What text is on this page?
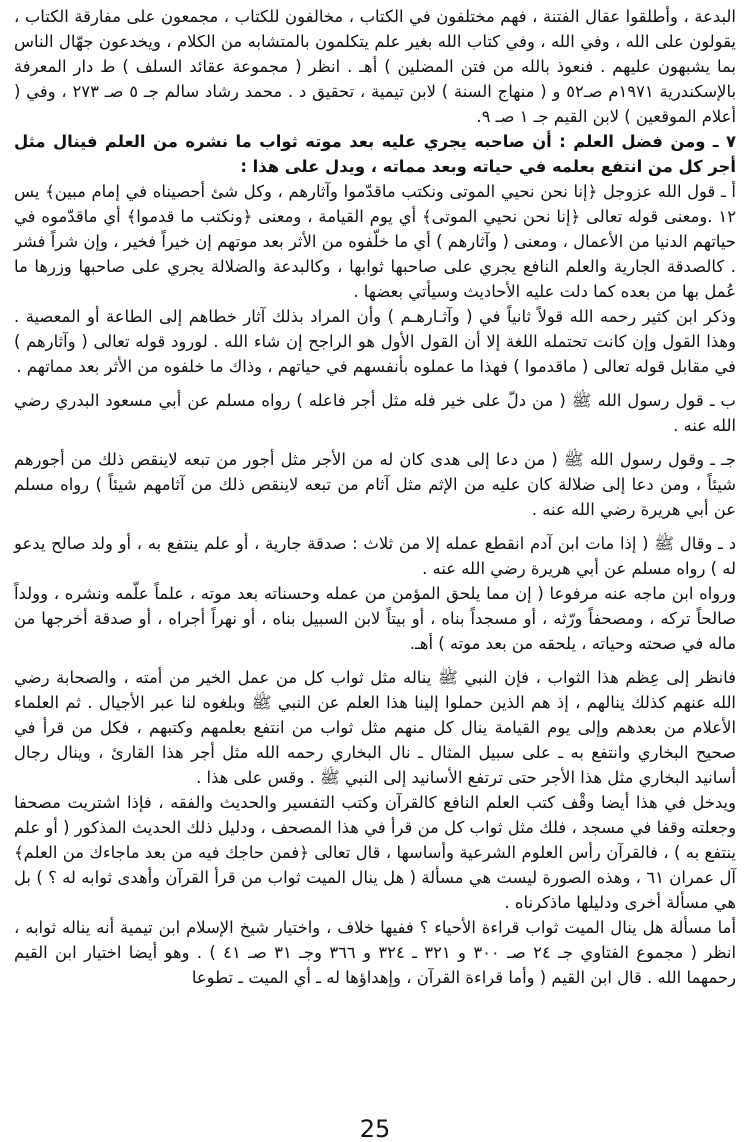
البدعة ، وأطلقوا عقال الفتنة ، فهم مختلفون في الكتاب ، مخالفون للكتاب ، مجمعون على مفارقة الكتاب ، يقولون على الله ، وفي الله ، وفي كتاب الله بغير علم يتكلمون بالمتشابه من الكلام ، ويخدعون جهّال الناس بما يشبهون عليهم . فنعوذ بالله من فتن المضلين ) أهـ . انظر ( مجموعة عقائد السلف ) ط دار المعرفة بالإسكندرية ١٩٧١م صـ٥٢ و ( منهاج السنة ) لابن تيمية ، تحقيق د . محمد رشاد سالم جـ ٥ صـ ٢٧٣ ، وفي ( أعلام الموقعين ) لابن القيم جـ ١ صـ ٩.

٧ ـ ومن فضل العلم : أن صاحبه يجري عليه بعد موته ثواب ما نشره من العلم فينال مثل أجر كل من انتفع بعلمه في حياته وبعد مماته ، ويدل على هذا :

أ ـ قول الله عزوجل ﴿إنا نحن نحيي الموتى ونكتب ماقدّموا وآثارهم ، وكل شئ أحصيناه في إمام مبين﴾ يس ١٢ .ومعنى قوله تعالى ﴿إنا نحن نحيي الموتى﴾ أي يوم القيامة ، ومعنى ﴿ونكتب ما قدموا﴾ أي ماقدّموه في حياتهم الدنيا من الأعمال ، ومعنى ( وآثارهم ) أي ما خلّفوه من الأثر بعد موتهم إن خيراً فخير ، وإن شراً فشر . كالصدقة الجارية والعلم النافع يجري على صاحبها ثوابها ، وكالبدعة والضلالة يجري على صاحبها وزرها ما عُمل بها من بعده كما دلت عليه الأحاديث وسيأتي بعضها .

وذكر ابن كثير رحمه الله قولاً ثانياً في ( وآثـارهـم ) وأن المراد بذلك آثار خطاهم إلى الطاعة أو المعصية . وهذا القول وإن كانت تحتمله اللغة إلا أن القول الأول هو الراجح إن شاء الله . لورود قوله تعالى ( وآثارهم ) في مقابل قوله تعالى ( ماقدموا ) فهذا ما عملوه بأنفسهم في حياتهم ، وذاك ما خلفوه من الأثر بعد مماتهم .

ب ـ قول رسول الله ﷺ ( من دلّ على خير فله مثل أجر فاعله ) رواه مسلم عن أبي مسعود البدري رضي الله عنه .

جـ ـ وقول رسول الله ﷺ ( من دعا إلى هدى كان له من الأجر مثل أجور من تبعه لاينقص ذلك من أجورهم شيئاً ، ومن دعا إلى ضلالة كان عليه من الإثم مثل آثام من تبعه لاينقص ذلك من آثامهم شيئاً ) رواه مسلم عن أبي هريرة رضي الله عنه .

د ـ وقال ﷺ ( إذا مات ابن آدم انقطع عمله إلا من ثلاث : صدقة جارية ، أو علم ينتفع به ، أو ولد صالح يدعو له ) رواه مسلم عن أبي هريرة رضي الله عنه .

ورواه ابن ماجه عنه مرفوعا ( إن مما يلحق المؤمن من عمله وحسناته بعد موته ، علماً علّمه ونشره ، وولداً صالحاً تركه ، ومصحفاً ورّثه ، أو مسجداً بناه ، أو بيتاً لابن السبيل بناه ، أو نهراً أجراه ، أو صدقة أخرجها من ماله في صحته وحياته ، يلحقه من بعد موته ) أهـ.

فانظر إلى عِظم هذا الثواب ، فإن النبي ﷺ يناله مثل ثواب كل من عمل الخير من أمته ، والصحابة رضي الله عنهم كذلك ينالهم ، إذ هم الذين حملوا إلينا هذا العلم عن النبي ﷺ وبلغوه لنا عبر الأجيال . ثم العلماء الأعلام من بعدهم وإلى يوم القيامة ينال كل منهم مثل ثواب من انتفع بعلمهم وكتبهم ، فكل من قرأ في صحيح البخاري وانتفع به ـ على سبيل المثال ـ نال البخاري رحمه الله مثل أجر هذا القارئ ، وينال رجال أسانيد البخاري مثل هذا الأجر حتى ترتفع الأسانيد إلى النبي ﷺ . وقس على هذا .

ويدخل في هذا أيضا وقْف كتب العلم النافع كالقرآن وكتب التفسير والحديث والفقه ، فإذا اشتريت مصحفا وجعلته وقفا في مسجد ، فلك مثل ثواب كل من قرأ في هذا المصحف ، ودليل ذلك الحديث المذكور ( أو علم ينتفع به ) ، فالقرآن رأس العلوم الشرعية وأساسها ، قال تعالى ﴿فمن حاجك فيه من بعد ماجاءك من العلم﴾ آل عمران ٦١ ، وهذه الصورة ليست هي مسألة ( هل ينال الميت ثواب من قرأ القرآن وأهدى ثوابه له ؟ ) بل هي مسألة أخرى ودليلها ماذكرناه .

أما مسألة هل ينال الميت ثواب قراءة الأحياء ؟ ففيها خلاف ، واختيار شيخ الإسلام ابن تيمية أنه يناله ثوابه ، انظر ( مجموع الفتاوي جـ ٢٤ صـ ٣٠٠ و ٣٢١ ـ ٣٢٤ و ٣٦٦ وجـ ٣١ صـ ٤١ ) . وهو أيضا اختيار ابن القيم رحمهما الله . قال ابن القيم ( وأما قراءة القرآن ، وإهداؤها له ـ أي الميت ـ تطوعا

25
